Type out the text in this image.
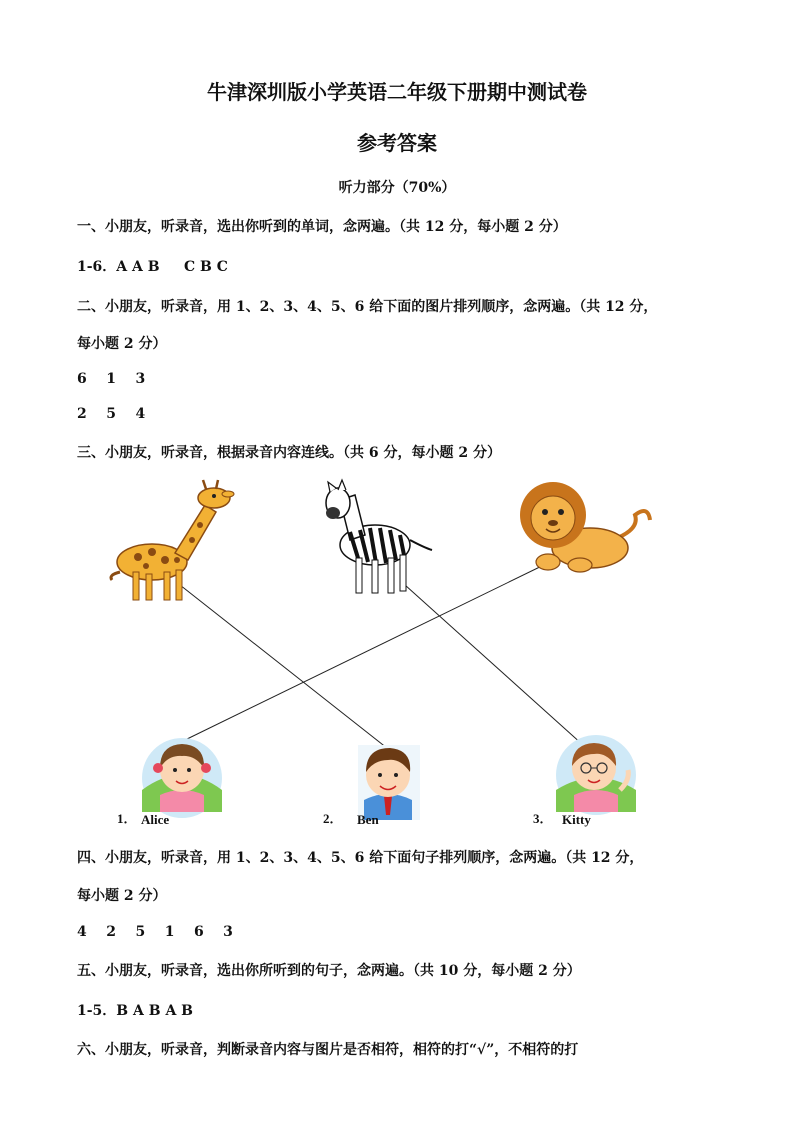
牛津深圳版小学英语二年级下册期中测试卷
参考答案
听力部分（70%）
一、小朋友，听录音，选出你听到的单词，念两遍。（共 12 分，每小题 2 分）
1-6．A A B     C B C
二、小朋友，听录音，用 1、2、3、4、5、6 给下面的图片排列顺序，念两遍。（共 12 分，
每小题 2 分）
6    1    3
2    5    4
三、小朋友，听录音，根据录音内容连线。（共 6 分，每小题 2 分）
1． Alice	2． Ben	3． Kitty
四、小朋友，听录音，用 1、2、3、4、5、6 给下面句子排列顺序，念两遍。（共 12 分，
每小题 2 分）
4    2    5    1    6    3
五、小朋友，听录音，选出你所听到的句子，念两遍。（共 10 分，每小题 2 分）
1-5．B A B A B
六、小朋友，听录音，判断录音内容与图片是否相符，相符的打“√”，不相符的打
